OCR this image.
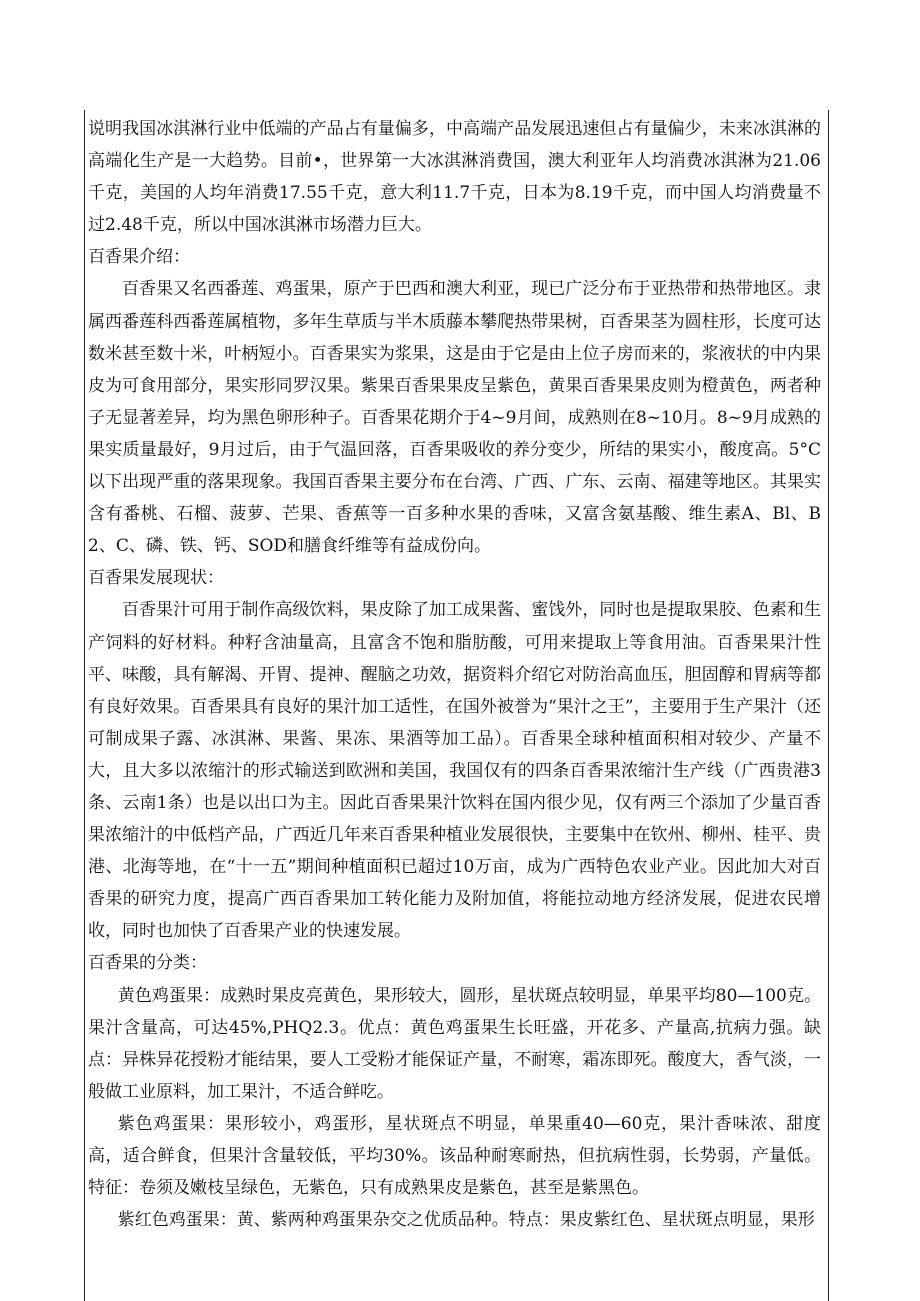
说明我国冰淇淋行业中低端的产品占有量偏多，中高端产品发展迅速但占有量偏少，未来冰淇淋的高端化生产是一大趋势。目前•，世界第一大冰淇淋消费国，澳大利亚年人均消费冰淇淋为21.06千克，美国的人均年消费17.55千克，意大利11.7千克，日本为8.19千克，而中国人均消费量不过2.48千克，所以中国冰淇淋市场潜力巨大。

百香果介绍：

百香果又名西番莲、鸡蛋果，原产于巴西和澳大利亚，现已广泛分布于亚热带和热带地区。隶属西番莲科西番莲属植物，多年生草质与半木质藤本攀爬热带果树，百香果茎为圆柱形，长度可达数米甚至数十米，叶柄短小。百香果实为浆果，这是由于它是由上位子房而来的，浆液状的中内果皮为可食用部分，果实形同罗汉果。紫果百香果果皮呈紫色，黄果百香果果皮则为橙黄色，两者种子无显著差异，均为黑色卵形种子。百香果花期介于4~9月间，成熟则在8~10月。8~9月成熟的果实质量最好，9月过后，由于气温回落，百香果吸收的养分变少，所结的果实小，酸度高。5°C以下出现严重的落果现象。我国百香果主要分布在台湾、广西、广东、云南、福建等地区。其果实含有番桃、石榴、菠萝、芒果、香蕉等一百多种水果的香味，又富含氨基酸、维生素A、Bl、B2、C、磷、铁、钙、SOD和膳食纤维等有益成份向。

百香果发展现状：

百香果汁可用于制作高级饮料，果皮除了加工成果酱、蜜饯外，同时也是提取果胶、色素和生产饲料的好材料。种籽含油量高，且富含不饱和脂肪酸，可用来提取上等食用油。百香果果汁性平、味酸，具有解渴、开胃、提神、醒脑之功效，据资料介绍它对防治高血压，胆固醇和胃病等都有良好效果。百香果具有良好的果汁加工适性，在国外被誉为“果汁之王”，主要用于生产果汁（还可制成果子露、冰淇淋、果酱、果冻、果酒等加工品）。百香果全球种植面积相对较少、产量不大，且大多以浓缩汁的形式输送到欧洲和美国，我国仅有的四条百香果浓缩汁生产线（广西贵港3条、云南1条）也是以出口为主。因此百香果果汁饮料在国内很少见，仅有两三个添加了少量百香果浓缩汁的中低档产品，广西近几年来百香果种植业发展很快，主要集中在钦州、柳州、桂平、贵港、北海等地，在“十一五”期间种植面积已超过10万亩，成为广西特色农业产业。因此加大对百香果的研究力度，提高广西百香果加工转化能力及附加值，将能拉动地方经济发展，促进农民增收，同时也加快了百香果产业的快速发展。

百香果的分类：

黄色鸡蛋果：成熟时果皮亮黄色，果形较大，圆形，星状斑点较明显，单果平均80—100克。果汁含量高，可达45%,PHQ2.3。优点：黄色鸡蛋果生长旺盛，开花多、产量高,抗病力强。缺点：异株异花授粉才能结果，要人工受粉才能保证产量，不耐寒，霜冻即死。酸度大，香气淡，一般做工业原料，加工果汁，不适合鲜吃。

紫色鸡蛋果：果形较小，鸡蛋形，星状斑点不明显，单果重40—60克，果汁香味浓、甜度高，适合鲜食，但果汁含量较低，平均30%。该品种耐寒耐热，但抗病性弱，长势弱，产量低。特征：卷须及嫩枝呈绿色，无紫色，只有成熟果皮是紫色，甚至是紫黑色。

紫红色鸡蛋果：黄、紫两种鸡蛋果杂交之优质品种。特点：果皮紫红色、星状斑点明显，果形
